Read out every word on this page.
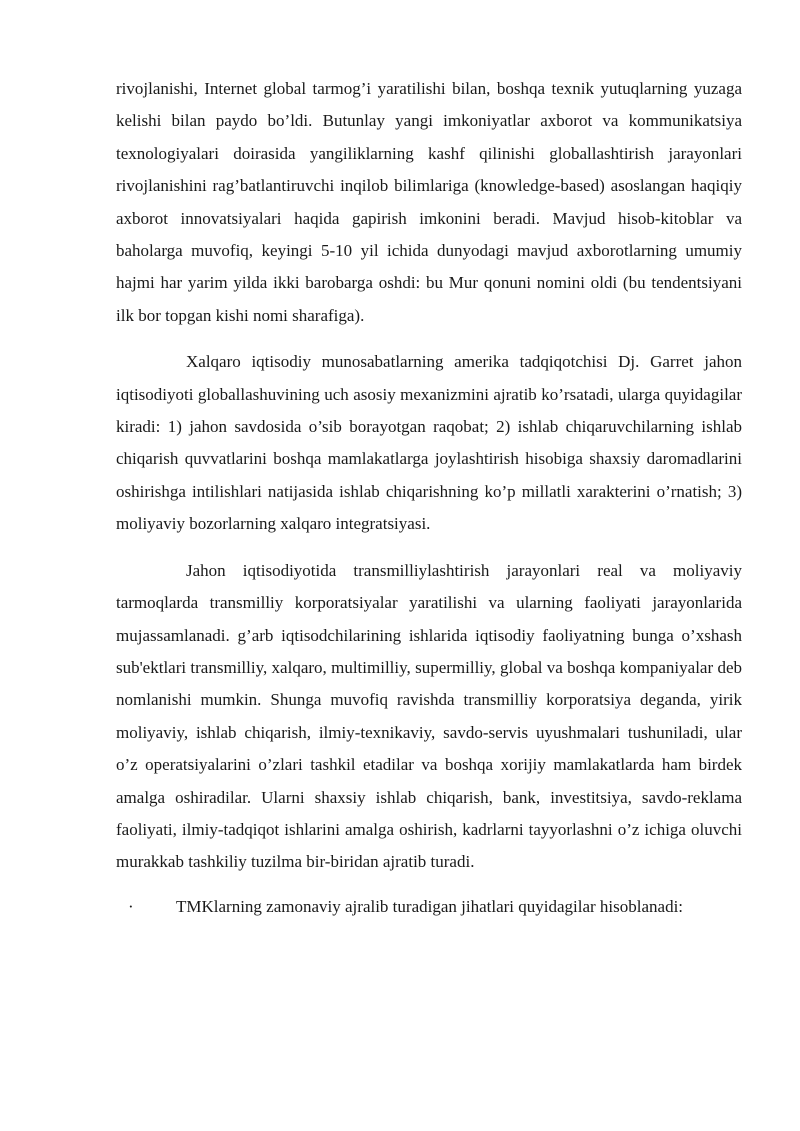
rivojlanishi, Internet global tarmog’i yaratilishi bilan, boshqa texnik yutuqlarning yuzaga kelishi bilan paydo bo’ldi. Butunlay yangi imkoniyatlar axborot va kommunikatsiya texnologiyalari doirasida yangiliklarning kashf qilinishi globallashtirish jarayonlari rivojlanishini rag’batlantiruvchi inqilob bilimlariga (knowledge-based) asoslangan haqiqiy axborot innovatsiyalari haqida gapirish imkonini beradi. Mavjud hisob-kitoblar va baholarga muvofiq, keyingi 5-10 yil ichida dunyodagi mavjud axborotlarning umumiy hajmi har yarim yilda ikki barobarga oshdi: bu Mur qonuni nomini oldi (bu tendentsiyani ilk bor topgan kishi nomi sharafiga).

Xalqaro iqtisodiy munosabatlarning amerika tadqiqotchisi Dj. Garret jahon iqtisodiyoti globallashuvining uch asosiy mexanizmini ajratib ko’rsatadi, ularga quyidagilar kiradi: 1) jahon savdosida o’sib borayotgan raqobat; 2) ishlab chiqaruvchilarning ishlab chiqarish quvvatlarini boshqa mamlakatlarga joylashtirish hisobiga shaxsiy daromadlarini oshirishga intilishlari natijasida ishlab chiqarishning ko’p millatli xarakterini o’rnatish; 3) moliyaviy bozorlarning xalqaro integratsiyasi.

Jahon iqtisodiyotida transmilliylashtirish jarayonlari real va moliyaviy tarmoqlarda transmilliy korporatsiyalar yaratilishi va ularning faoliyati jarayonlarida mujassamlanadi. g’arb iqtisodchilarining ishlarida iqtisodiy faoliyatning bunga o’xshash sub'ektlari transmilliy, xalqaro, multimilliy, supermilliy, global va boshqa kompaniyalar deb nomlanishi mumkin. Shunga muvofiq ravishda transmilliy korporatsiya deganda, yirik moliyaviy, ishlab chiqarish, ilmiy-texnikaviy, savdo-servis uyushmalari tushuniladi, ular o’z operatsiyalarini o’zlari tashkil etadilar va boshqa xorijiy mamlakatlarda ham birdek amalga oshiradilar. Ularni shaxsiy ishlab chiqarish, bank, investitsiya, savdo-reklama faoliyati, ilmiy-tadqiqot ishlarini amalga oshirish, kadrlarni tayyorlashni o’z ichiga oluvchi murakkab tashkiliy tuzilma bir-biridan ajratib turadi.

· TMKlarning zamonaviy ajralib turadigan jihatlari quyidagilar hisoblanadi:
